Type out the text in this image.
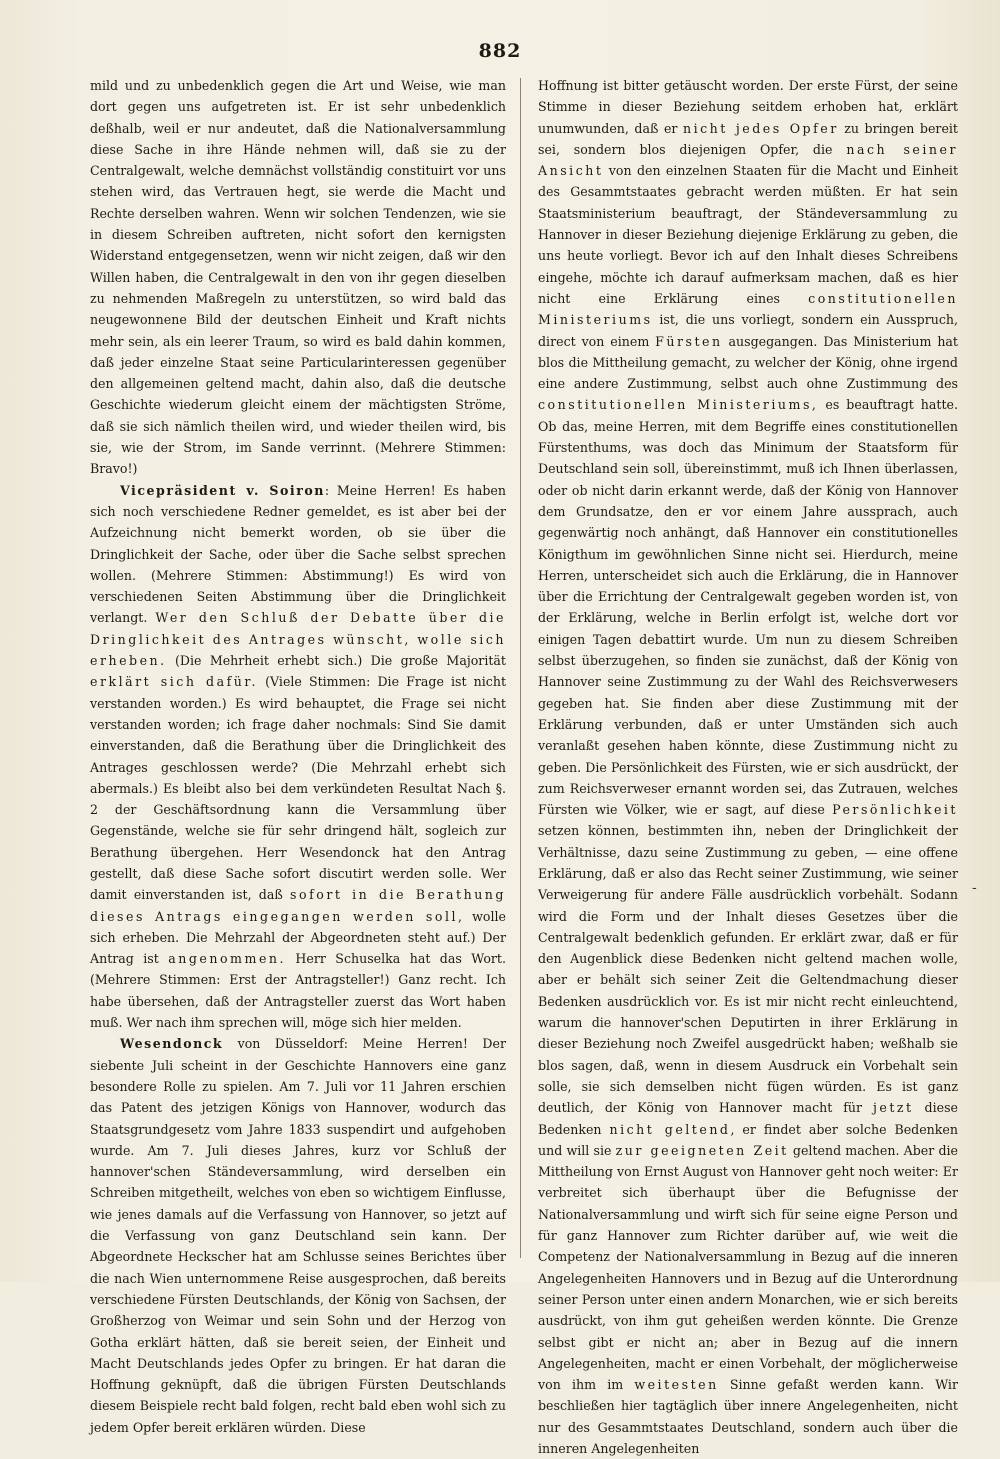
882

mild und zu unbedenklich gegen die Art und Weise, wie man dort gegen uns aufgetreten ist. Er ist sehr unbedenklich deßhalb, weil er nur andeutet, daß die Nationalversammlung diese Sache in ihre Hände nehmen will, daß sie zu der Centralgewalt, welche demnächst vollständig constituirt vor uns stehen wird, das Vertrauen hegt, sie werde die Macht und Rechte derselben wahren. Wenn wir solchen Tendenzen, wie sie in diesem Schreiben auftreten, nicht sofort den kernigsten Widerstand entgegensetzen, wenn wir nicht zeigen, daß wir den Willen haben, die Centralgewalt in den von ihr gegen dieselben zu nehmenden Maßregeln zu unterstützen, so wird bald das neugewonnene Bild der deutschen Einheit und Kraft nichts mehr sein, als ein leerer Traum, so wird es bald dahin kommen, daß jeder einzelne Staat seine Particularinteressen gegenüber den allgemeinen geltend macht, dahin also, daß die deutsche Geschichte wiederum gleicht einem der mächtigsten Ströme, daß sie sich nämlich theilen wird, und wieder theilen wird, bis sie, wie der Strom, im Sande verrinnt. (Mehrere Stimmen: Bravo!)

Vicepräsident v. Soiron: Meine Herren! Es haben sich noch verschiedene Redner gemeldet, es ist aber bei der Aufzeichnung nicht bemerkt worden, ob sie über die Dringlichkeit der Sache, oder über die Sache selbst sprechen wollen. (Mehrere Stimmen: Abstimmung!) Es wird von verschiedenen Seiten Abstimmung über die Dringlichkeit verlangt. Wer den Schluß der Debatte über die Dringlichkeit des Antrages wünscht, wolle sich erheben. (Die Mehrheit erhebt sich.) Die große Majorität erklärt sich dafür. (Viele Stimmen: Die Frage ist nicht verstanden worden.) Es wird behauptet, die Frage sei nicht verstanden worden; ich frage daher nochmals: Sind Sie damit einverstanden, daß die Berathung über die Dringlichkeit des Antrages geschlossen werde? (Die Mehrzahl erhebt sich abermals.) Es bleibt also bei dem verkündeten Resultat Nach §. 2 der Geschäftsordnung kann die Versammlung über Gegenstände, welche sie für sehr dringend hält, sogleich zur Berathung übergehen. Herr Wesendonck hat den Antrag gestellt, daß diese Sache sofort discutirt werden solle. Wer damit einverstanden ist, daß sofort in die Berathung dieses Antrags eingegangen werden soll, wolle sich erheben. Die Mehrzahl der Abgeordneten steht auf.) Der Antrag ist angenommen. Herr Schuselka hat das Wort. (Mehrere Stimmen: Erst der Antragsteller!) Ganz recht. Ich habe übersehen, daß der Antragsteller zuerst das Wort haben muß. Wer nach ihm sprechen will, möge sich hier melden.

Wesendonck von Düsseldorf: Meine Herren! Der siebente Juli scheint in der Geschichte Hannovers eine ganz besondere Rolle zu spielen. Am 7. Juli vor 11 Jahren erschien das Patent des jetzigen Königs von Hannover, wodurch das Staatsgrundgesetz vom Jahre 1833 suspendirt und aufgehoben wurde. Am 7. Juli dieses Jahres, kurz vor Schluß der hannover'schen Ständeversammlung, wird derselben ein Schreiben mitgetheilt, welches von eben so wichtigem Einflusse, wie jenes damals auf die Verfassung von Hannover, so jetzt auf die Verfassung von ganz Deutschland sein kann. Der Abgeordnete Heckscher hat am Schlusse seines Berichtes über die nach Wien unternommene Reise ausgesprochen, daß bereits verschiedene Fürsten Deutschlands, der König von Sachsen, der Großherzog von Weimar und sein Sohn und der Herzog von Gotha erklärt hätten, daß sie bereit seien, der Einheit und Macht Deutschlands jedes Opfer zu bringen. Er hat daran die Hoffnung geknüpft, daß die übrigen Fürsten Deutschlands diesem Beispiele recht bald folgen, recht bald eben wohl sich zu jedem Opfer bereit erklären würden. Diese

Hoffnung ist bitter getäuscht worden. Der erste Fürst, der seine Stimme in dieser Beziehung seitdem erhoben hat, erklärt unumwunden, daß er nicht jedes Opfer zu bringen bereit sei, sondern blos diejenigen Opfer, die nach seiner Ansicht von den einzelnen Staaten für die Macht und Einheit des Gesammtstaates gebracht werden müßten. Er hat sein Staatsministerium beauftragt, der Ständeversammlung zu Hannover in dieser Beziehung diejenige Erklärung zu geben, die uns heute vorliegt. Bevor ich auf den Inhalt dieses Schreibens eingehe, möchte ich darauf aufmerksam machen, daß es hier nicht eine Erklärung eines constitutionellen Ministeriums ist, die uns vorliegt, sondern ein Ausspruch, direct von einem Fürsten ausgegangen. Das Ministerium hat blos die Mittheilung gemacht, zu welcher der König, ohne irgend eine andere Zustimmung, selbst auch ohne Zustimmung des constitutionellen Ministeriums, es beauftragt hatte. Ob das, meine Herren, mit dem Begriffe eines constitutionellen Fürstenthums, was doch das Minimum der Staatsform für Deutschland sein soll, übereinstimmt, muß ich Ihnen überlassen, oder ob nicht darin erkannt werde, daß der König von Hannover dem Grundsatze, den er vor einem Jahre aussprach, auch gegenwärtig noch anhängt, daß Hannover ein constitutionelles Königthum im gewöhnlichen Sinne nicht sei. Hierdurch, meine Herren, unterscheidet sich auch die Erklärung, die in Hannover über die Errichtung der Centralgewalt gegeben worden ist, von der Erklärung, welche in Berlin erfolgt ist, welche dort vor einigen Tagen debattirt wurde. Um nun zu diesem Schreiben selbst überzugehen, so finden sie zunächst, daß der König von Hannover seine Zustimmung zu der Wahl des Reichsverwesers gegeben hat. Sie finden aber diese Zustimmung mit der Erklärung verbunden, daß er unter Umständen sich auch veranlaßt gesehen haben könnte, diese Zustimmung nicht zu geben. Die Persönlichkeit des Fürsten, wie er sich ausdrückt, der zum Reichsverweser ernannt worden sei, das Zutrauen, welches Fürsten wie Völker, wie er sagt, auf diese Persönlichkeit setzen können, bestimmten ihn, neben der Dringlichkeit der Verhältnisse, dazu seine Zustimmung zu geben, — eine offene Erklärung, daß er also das Recht seiner Zustimmung, wie seiner Verweigerung für andere Fälle ausdrücklich vorbehält. Sodann wird die Form und der Inhalt dieses Gesetzes über die Centralgewalt bedenklich gefunden. Er erklärt zwar, daß er für den Augenblick diese Bedenken nicht geltend machen wolle, aber er behält sich seiner Zeit die Geltendmachung dieser Bedenken ausdrücklich vor. Es ist mir nicht recht einleuchtend, warum die hannover'schen Deputirten in ihrer Erklärung in dieser Beziehung noch Zweifel ausgedrückt haben; weßhalb sie blos sagen, daß, wenn in diesem Ausdruck ein Vorbehalt sein solle, sie sich demselben nicht fügen würden. Es ist ganz deutlich, der König von Hannover macht für jetzt diese Bedenken nicht geltend, er findet aber solche Bedenken und will sie zur geeigneten Zeit geltend machen. Aber die Mittheilung von Ernst August von Hannover geht noch weiter: Er verbreitet sich überhaupt über die Befugnisse der Nationalversammlung und wirft sich für seine eigne Person und für ganz Hannover zum Richter darüber auf, wie weit die Competenz der Nationalversammlung in Bezug auf die inneren Angelegenheiten Hannovers und in Bezug auf die Unterordnung seiner Person unter einen andern Monarchen, wie er sich bereits ausdrückt, von ihm gut geheißen werden könnte. Die Grenze selbst gibt er nicht an; aber in Bezug auf die innern Angelegenheiten, macht er einen Vorbehalt, der möglicherweise von ihm im weitesten Sinne gefaßt werden kann. Wir beschließen hier tagtäglich über innere Angelegenheiten, nicht nur des Gesammtstaates Deutschland, sondern auch über die inneren Angelegenheiten

-
